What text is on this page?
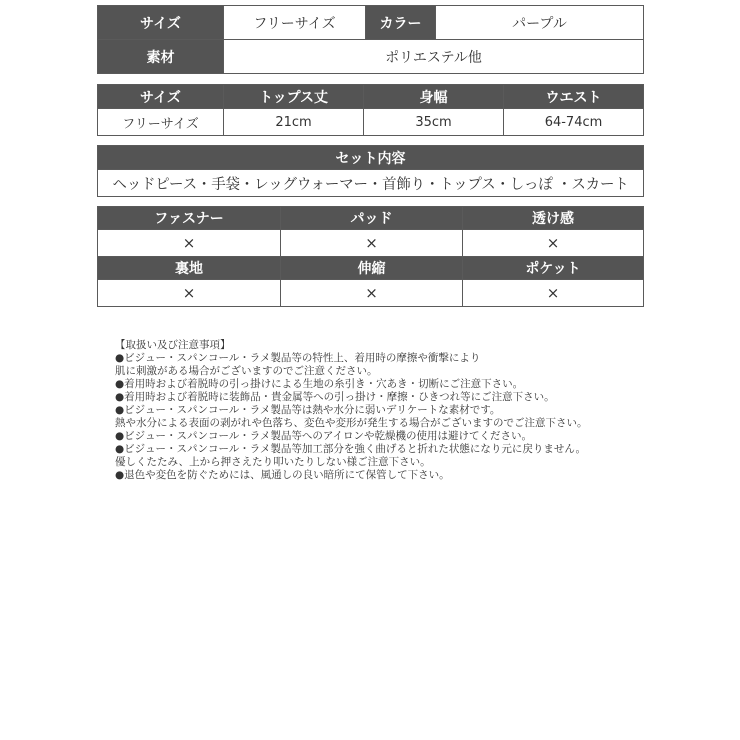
サイズ	フリーサイズ	カラー	パープル
素材	ポリエステル他		
サイズ	トップス丈	身幅	ウエスト
フリーサイズ	21cm	35cm	64-74cm
セット内容
ヘッドピース・手袋・レッグウォーマー・首飾り・トップス・しっぽ ・スカート
ファスナー	パッド	透け感
×	×	×
裏地	伸縮	ポケット
×	×	×
【取扱い及び注意事項】
●ビジュー・スパンコール・ラメ製品等の特性上、着用時の摩擦や衝撃により
肌に刺激がある場合がございますのでご注意ください。
●着用時および着脱時の引っ掛けによる生地の糸引き・穴あき・切断にご注意下さい。
●着用時および着脱時に装飾品・貴金属等への引っ掛け・摩擦・ひきつれ等にご注意下さい。
●ビジュー・スパンコール・ラメ製品等は熱や水分に弱いデリケートな素材です。
熱や水分による表面の剥がれや色落ち、変色や変形が発生する場合がございますのでご注意下さい。
●ビジュー・スパンコール・ラメ製品等へのアイロンや乾燥機の使用は避けてください。
●ビジュー・スパンコール・ラメ製品等加工部分を強く曲げると折れた状態になり元に戻りません。
優しくたたみ、上から押さえたり叩いたりしない様ご注意下さい。
●退色や変色を防ぐためには、風通しの良い暗所にて保管して下さい。
